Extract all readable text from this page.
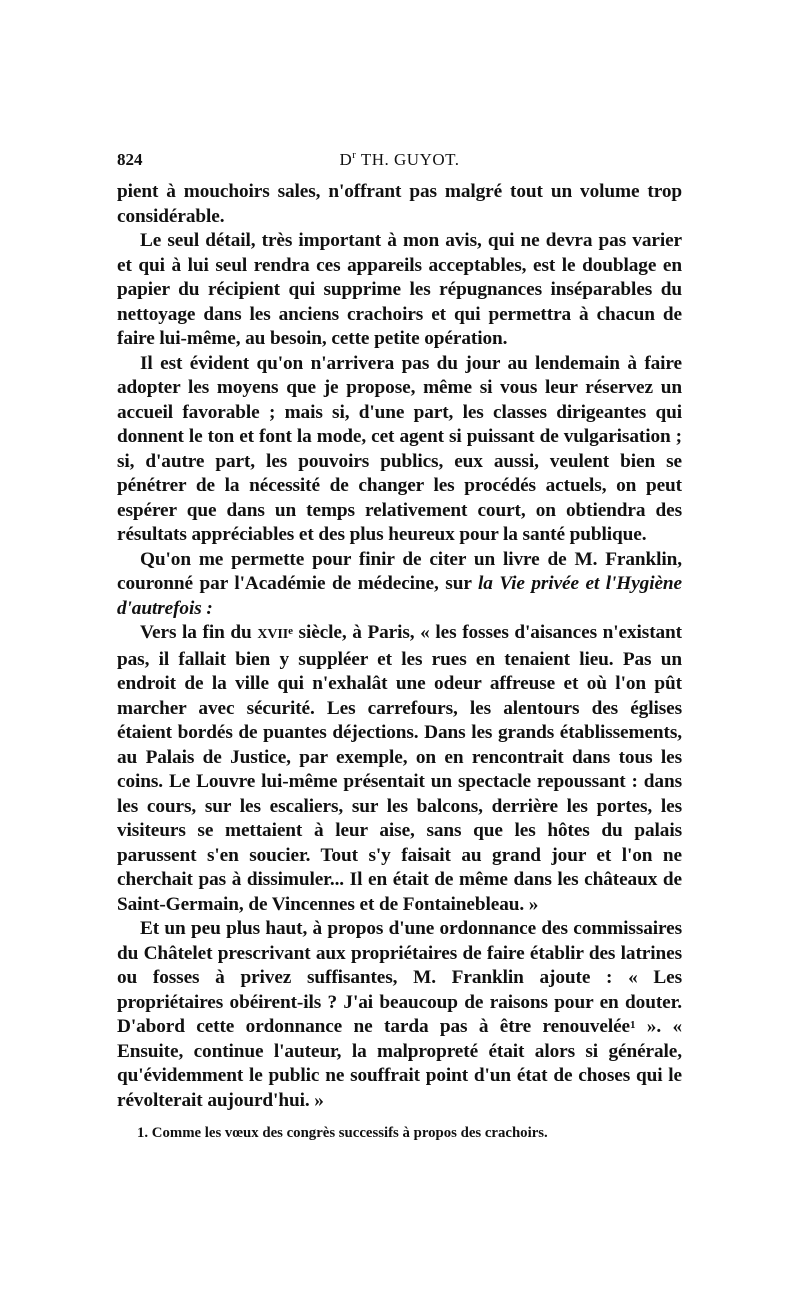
824	$D^r$ TH. GUYOT.

pient à mouchoirs sales, n'offrant pas malgré tout un volume trop considérable.

Le seul détail, très important à mon avis, qui ne devra pas varier et qui à lui seul rendra ces appareils acceptables, est le doublage en papier du récipient qui supprime les répugnances inséparables du nettoyage dans les anciens crachoirs et qui permettra à chacun de faire lui-même, au besoin, cette petite opération.

Il est évident qu'on n'arrivera pas du jour au lendemain à faire adopter les moyens que je propose, même si vous leur réservez un accueil favorable ; mais si, d'une part, les classes dirigeantes qui donnent le ton et font la mode, cet agent si puissant de vulgarisation ; si, d'autre part, les pouvoirs publics, eux aussi, veulent bien se pénétrer de la nécessité de changer les procédés actuels, on peut espérer que dans un temps relativement court, on obtiendra des résultats appréciables et des plus heureux pour la santé publique.

Qu'on me permette pour finir de citer un livre de M. Franklin, couronné par l'Académie de médecine, sur la Vie privée et l'Hygiène d'autrefois :

Vers la fin du XVIIe siècle, à Paris, « les fosses d'aisances n'existant pas, il fallait bien y suppléer et les rues en tenaient lieu. Pas un endroit de la ville qui n'exhalât une odeur affreuse et où l'on pût marcher avec sécurité. Les carrefours, les alentours des églises étaient bordés de puantes déjections. Dans les grands établissements, au Palais de Justice, par exemple, on en rencontrait dans tous les coins. Le Louvre lui-même présentait un spectacle repoussant : dans les cours, sur les escaliers, sur les balcons, derrière les portes, les visiteurs se mettaient à leur aise, sans que les hôtes du palais parussent s'en soucier. Tout s'y faisait au grand jour et l'on ne cherchait pas à dissimuler... Il en était de même dans les châteaux de Saint-Germain, de Vincennes et de Fontainebleau. »

Et un peu plus haut, à propos d'une ordonnance des commissaires du Châtelet prescrivant aux propriétaires de faire établir des latrines ou fosses à privez suffisantes, M. Franklin ajoute : « Les propriétaires obéirent-ils ? J'ai beaucoup de raisons pour en douter. D'abord cette ordonnance ne tarda pas à être renouvelée$^1$ ». « Ensuite, continue l'auteur, la malpropreté était alors si générale, qu'évidemment le public ne souffrait point d'un état de choses qui le révolterait aujourd'hui. »

1. Comme les vœux des congrès successifs à propos des crachoirs.
